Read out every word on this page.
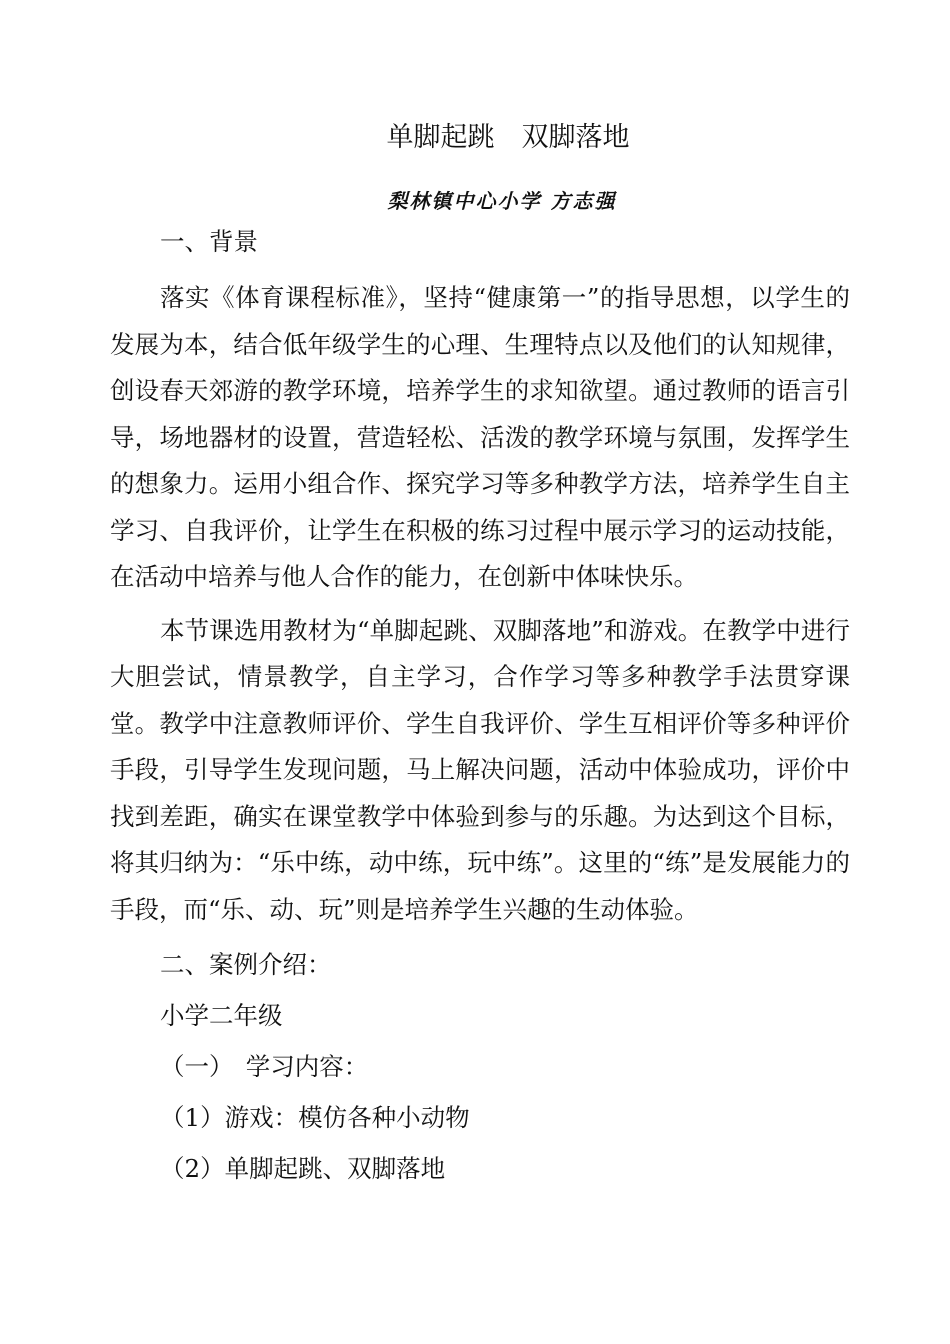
单脚起跳　双脚落地
梨林镇中心小学 方志强

一、背景

落实《体育课程标准》，坚持“健康第一”的指导思想，以学生的发展为本，结合低年级学生的心理、生理特点以及他们的认知规律，创设春天郊游的教学环境，培养学生的求知欲望。通过教师的语言引导，场地器材的设置，营造轻松、活泼的教学环境与氛围，发挥学生的想象力。运用小组合作、探究学习等多种教学方法，培养学生自主学习、自我评价，让学生在积极的练习过程中展示学习的运动技能，在活动中培养与他人合作的能力，在创新中体味快乐。

本节课选用教材为“单脚起跳、双脚落地”和游戏。在教学中进行大胆尝试，情景教学，自主学习，合作学习等多种教学手法贯穿课堂。教学中注意教师评价、学生自我评价、学生互相评价等多种评价手段，引导学生发现问题，马上解决问题，活动中体验成功，评价中找到差距，确实在课堂教学中体验到参与的乐趣。为达到这个目标，将其归纳为：“乐中练，动中练，玩中练”。这里的“练”是发展能力的手段，而“乐、动、玩”则是培养学生兴趣的生动体验。

二、案例介绍：

小学二年级

（一）　学习内容：

（1）游戏：模仿各种小动物

（2）单脚起跳、双脚落地
